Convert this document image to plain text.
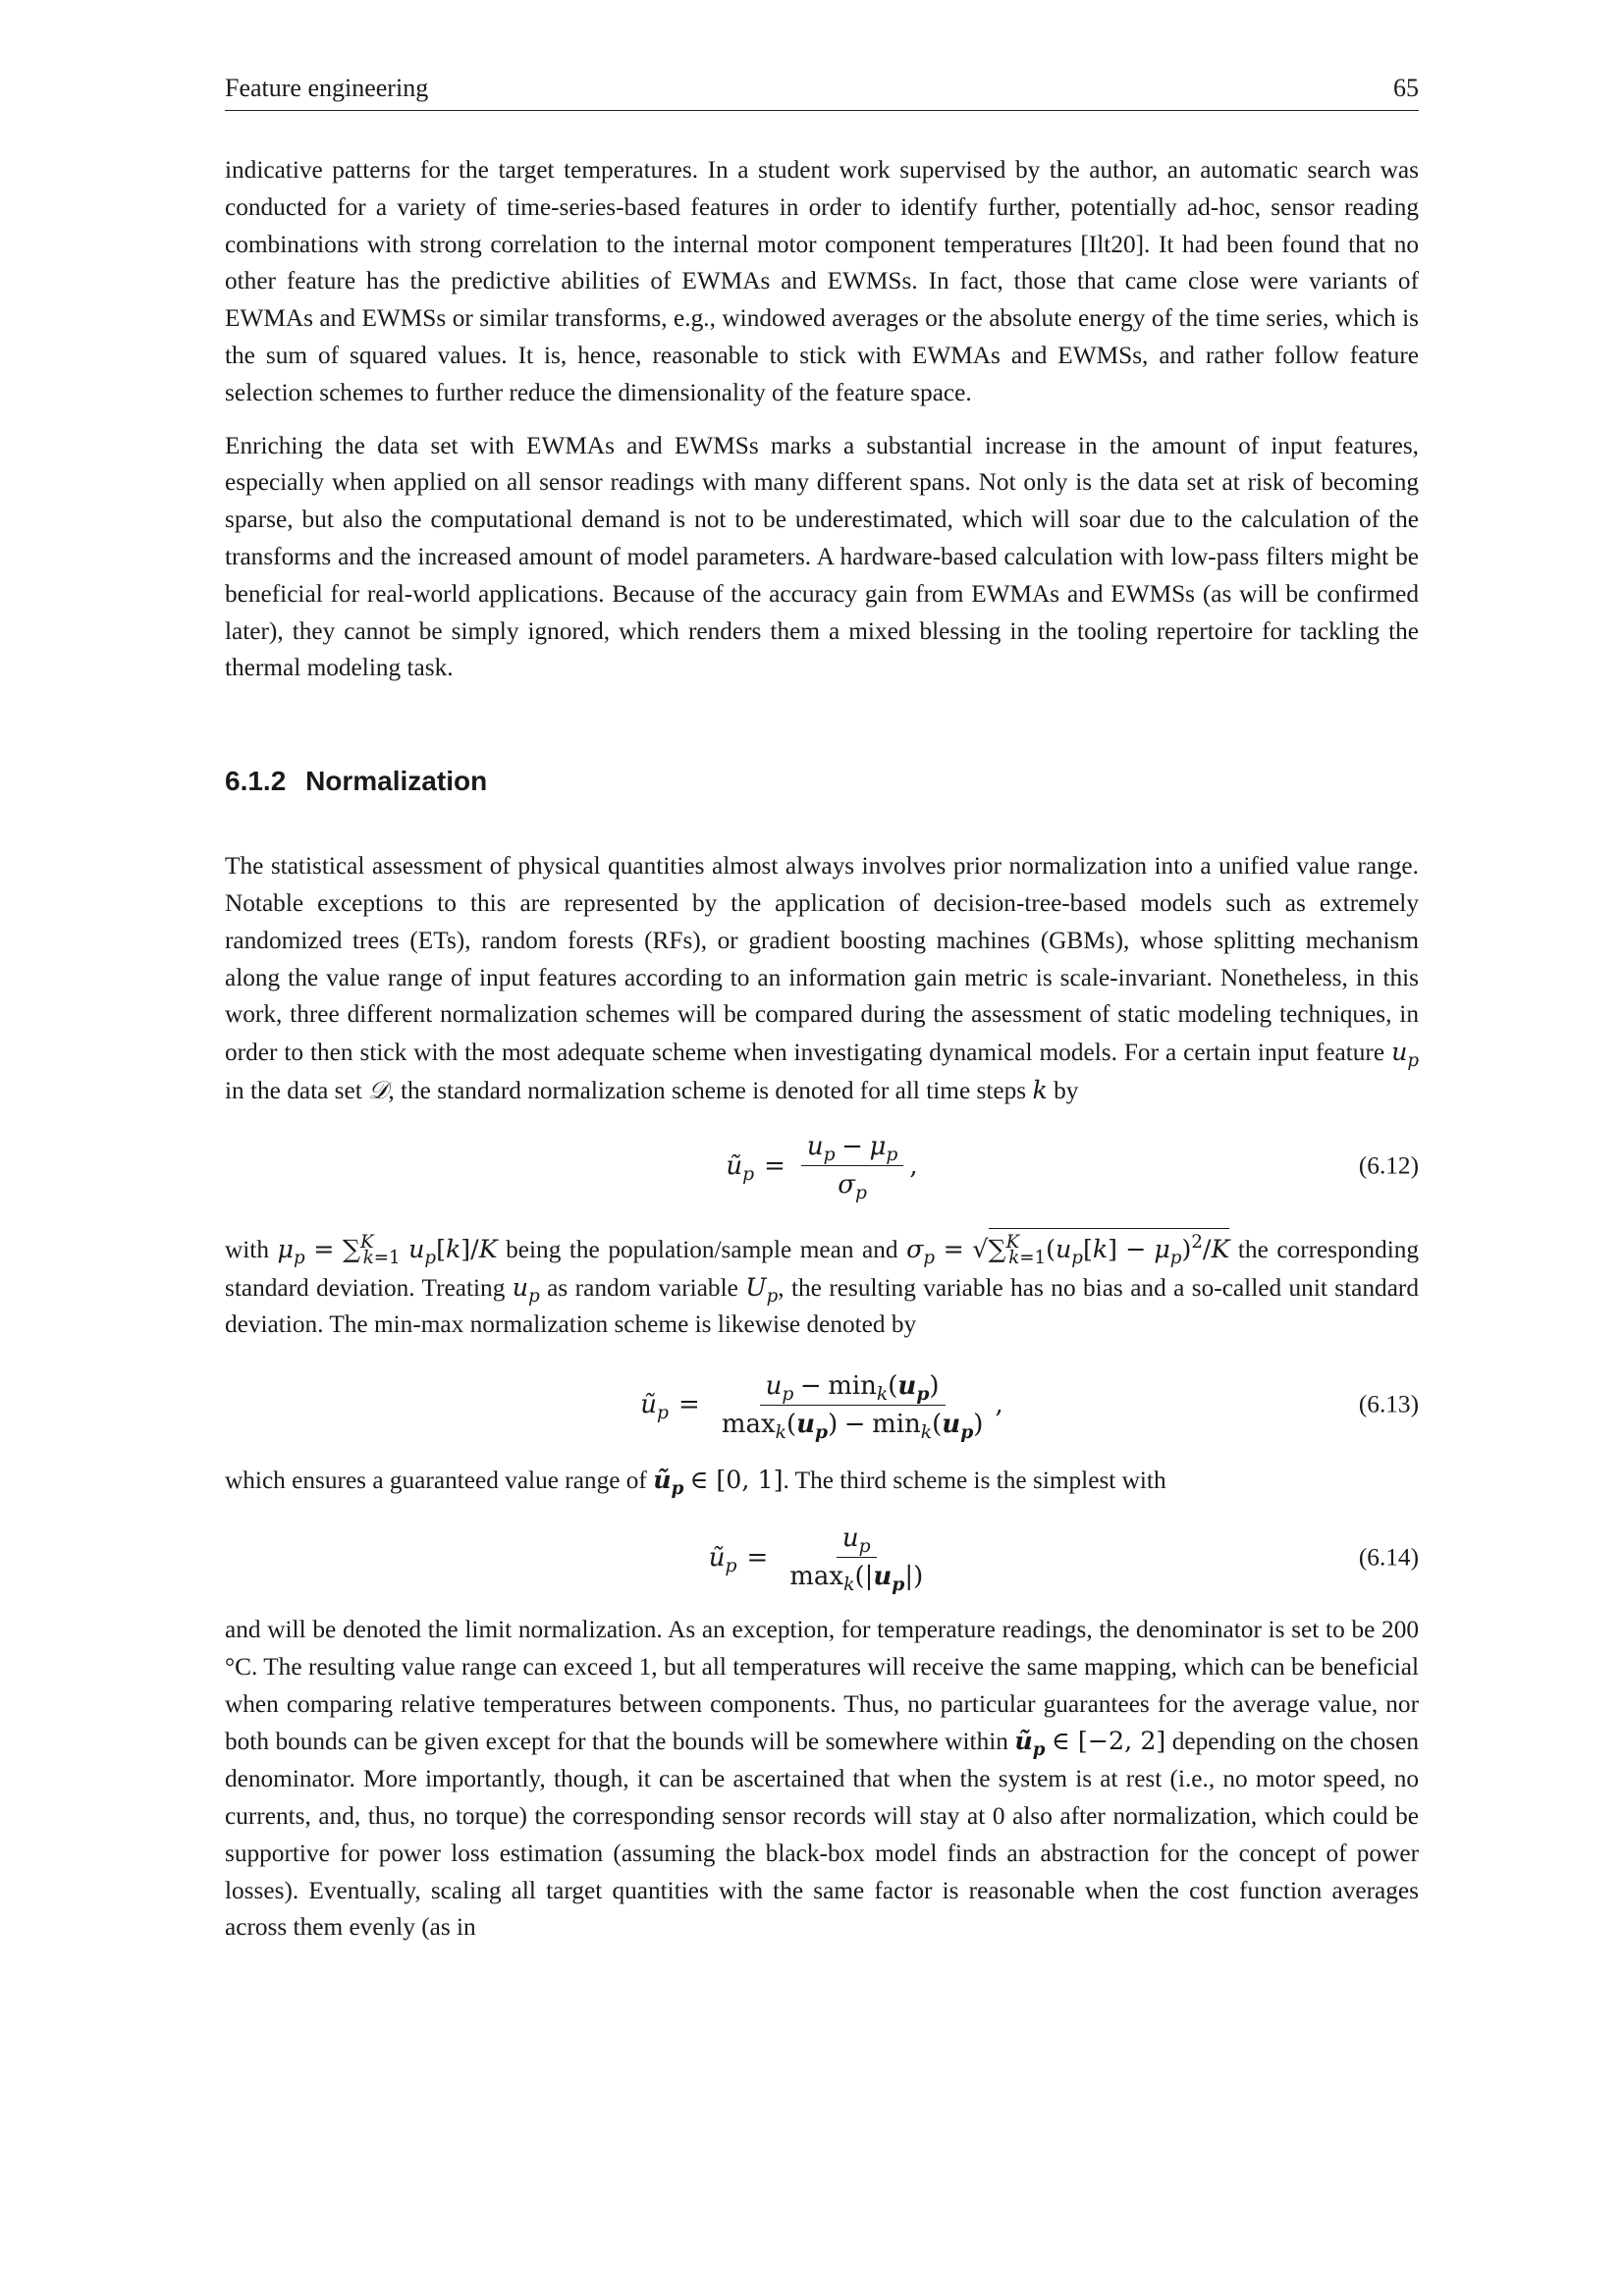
Feature engineering	65

indicative patterns for the target temperatures. In a student work supervised by the author, an automatic search was conducted for a variety of time-series-based features in order to identify further, potentially ad-hoc, sensor reading combinations with strong correlation to the internal motor component temperatures [Ilt20]. It had been found that no other feature has the predictive abilities of EWMAs and EWMSs. In fact, those that came close were variants of EWMAs and EWMSs or similar transforms, e.g., windowed averages or the absolute energy of the time series, which is the sum of squared values. It is, hence, reasonable to stick with EWMAs and EWMSs, and rather follow feature selection schemes to further reduce the dimensionality of the feature space.

Enriching the data set with EWMAs and EWMSs marks a substantial increase in the amount of input features, especially when applied on all sensor readings with many different spans. Not only is the data set at risk of becoming sparse, but also the computational demand is not to be underestimated, which will soar due to the calculation of the transforms and the increased amount of model parameters. A hardware-based calculation with low-pass filters might be beneficial for real-world applications. Because of the accuracy gain from EWMAs and EWMSs (as will be confirmed later), they cannot be simply ignored, which renders them a mixed blessing in the tooling repertoire for tackling the thermal modeling task.

6.1.2 Normalization

The statistical assessment of physical quantities almost always involves prior normalization into a unified value range. Notable exceptions to this are represented by the application of decision-tree-based models such as extremely randomized trees (ETs), random forests (RFs), or gradient boosting machines (GBMs), whose splitting mechanism along the value range of input features according to an information gain metric is scale-invariant. Nonetheless, in this work, three different normalization schemes will be compared during the assessment of static modeling techniques, in order to then stick with the most adequate scheme when investigating dynamical models. For a certain input feature $u_p$ in the data set 𝒟, the standard normalization scheme is denoted for all time steps k by

$ũ_p = \frac{u_p - \mu_p}{\sigma_p}$ ,	(6.12)

with $\mu_p = \sum^K_{k=1}$ $u_p[k]/K$ being the population/sample mean and $\sigma_p = √\sum^K_{k=1}(u_p[k] - \mu_p)^2/K$ the corresponding standard deviation. Treating $u_p$ as random variable $U_p$, the resulting variable has no bias and a so-called unit standard deviation. The min-max normalization scheme is likewise denoted by

$ũ_p = \frac{u_p - \min_k(u_p)}{\max_k(u_p) - \min_k(u_p)}$ ,	(6.13)

which ensures a guaranteed value range of $ũ_p$ ∈ [0, 1]. The third scheme is the simplest with

$ũ_p = \frac{u_p}{\max_k(|u_p|)}$	(6.14)

and will be denoted the limit normalization. As an exception, for temperature readings, the denominator is set to be 200 °C. The resulting value range can exceed 1, but all temperatures will receive the same mapping, which can be beneficial when comparing relative temperatures between components. Thus, no particular guarantees for the average value, nor both bounds can be given except for that the bounds will be somewhere within $ũ_p$ ∈ [−2, 2] depending on the chosen denominator. More importantly, though, it can be ascertained that when the system is at rest (i.e., no motor speed, no currents, and, thus, no torque) the corresponding sensor records will stay at 0 also after normalization, which could be supportive for power loss estimation (assuming the black-box model finds an abstraction for the concept of power losses). Eventually, scaling all target quantities with the same factor is reasonable when the cost function averages across them evenly (as in
